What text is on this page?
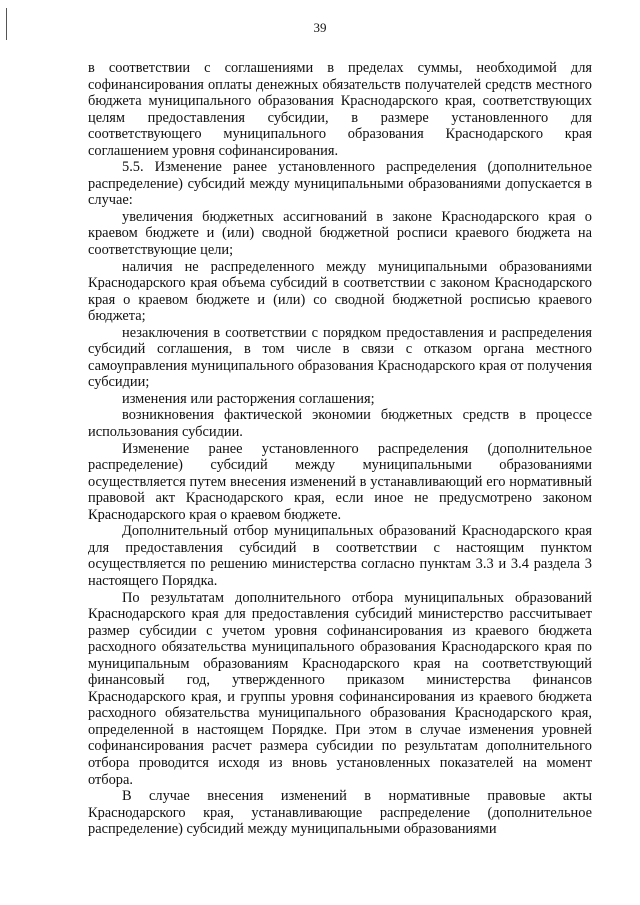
39

в соответствии с соглашениями в пределах суммы, необходимой для софинансирования оплаты денежных обязательств получателей средств местного бюджета муниципального образования Краснодарского края, соответствующих целям предоставления субсидии, в размере установленного для соответствующего муниципального образования Краснодарского края соглашением уровня софинансирования.

5.5. Изменение ранее установленного распределения (дополнительное распределение) субсидий между муниципальными образованиями допускается в случае:

увеличения бюджетных ассигнований в законе Краснодарского края о краевом бюджете и (или) сводной бюджетной росписи краевого бюджета на соответствующие цели;

наличия не распределенного между муниципальными образованиями Краснодарского края объема субсидий в соответствии с законом Краснодарского края о краевом бюджете и (или) со сводной бюджетной росписью краевого бюджета;

незаключения в соответствии с порядком предоставления и распределения субсидий соглашения, в том числе в связи с отказом органа местного самоуправления муниципального образования Краснодарского края от получения субсидии;

изменения или расторжения соглашения;

возникновения фактической экономии бюджетных средств в процессе использования субсидии.

Изменение ранее установленного распределения (дополнительное распределение) субсидий между муниципальными образованиями осуществляется путем внесения изменений в устанавливающий его нормативный правовой акт Краснодарского края, если иное не предусмотрено законом Краснодарского края о краевом бюджете.

Дополнительный отбор муниципальных образований Краснодарского края для предоставления субсидий в соответствии с настоящим пунктом осуществляется по решению министерства согласно пунктам 3.3 и 3.4 раздела 3 настоящего Порядка.

По результатам дополнительного отбора муниципальных образований Краснодарского края для предоставления субсидий министерство рассчитывает размер субсидии с учетом уровня софинансирования из краевого бюджета расходного обязательства муниципального образования Краснодарского края по муниципальным образованиям Краснодарского края на соответствующий финансовый год, утвержденного приказом министерства финансов Краснодарского края, и группы уровня софинансирования из краевого бюджета расходного обязательства муниципального образования Краснодарского края, определенной в настоящем Порядке. При этом в случае изменения уровней софинансирования расчет размера субсидии по результатам дополнительного отбора проводится исходя из вновь установленных показателей на момент отбора.

В случае внесения изменений в нормативные правовые акты Краснодарского края, устанавливающие распределение (дополнительное распределение) субсидий между муниципальными образованиями
